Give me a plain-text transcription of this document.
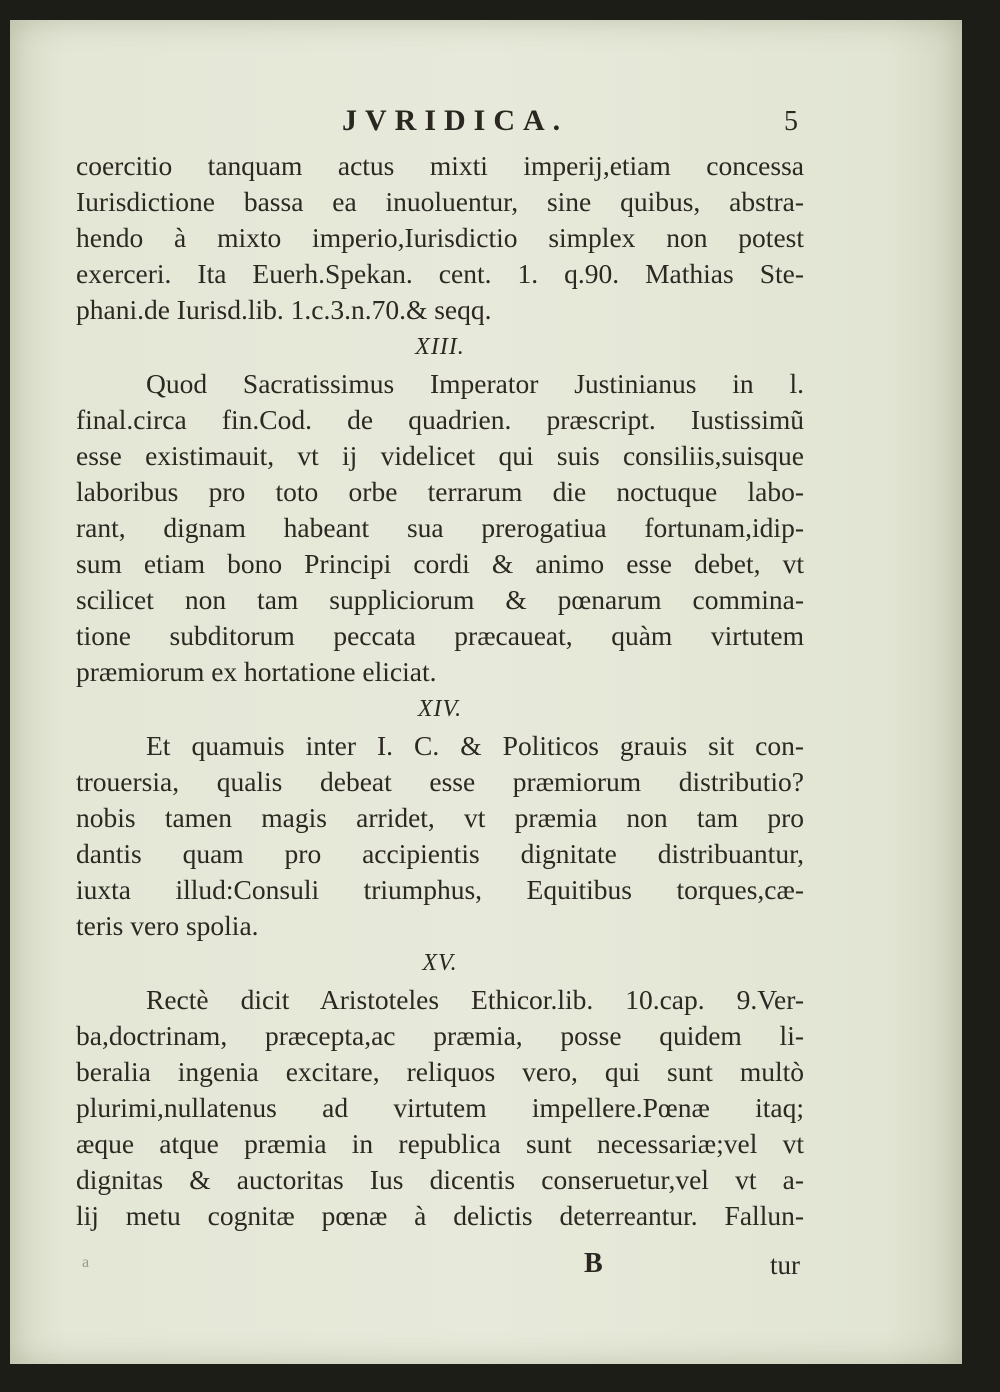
JVRIDICA.	5
coercitio tanquam actus mixti imperij,etiam concessa
Iurisdictione bassa ea inuoluentur, sine quibus, abstra-
hendo à mixto imperio,Iurisdictio simplex non potest
exerceri. Ita Euerh.Spekan. cent. 1. q.90. Mathias Ste-
phani.de Iurisd.lib. 1.c.3.n.70.& seqq.
XIII.
Quod Sacratissimus Imperator Justinianus in l.
final.circa fin.Cod. de quadrien. præscript. Iustissimũ
esse existimauit, vt ij videlicet qui suis consiliis,suisque
laboribus pro toto orbe terrarum die noctuque labo-
rant, dignam habeant sua prerogatiua fortunam,idip-
sum etiam bono Principi cordi & animo esse debet, vt
scilicet non tam suppliciorum & pœnarum commina-
tione subditorum peccata præcaueat, quàm virtutem
præmiorum ex hortatione eliciat.
XIV.
Et quamuis inter I. C. & Politicos grauis sit con-
trouersia, qualis debeat esse præmiorum distributio?
nobis tamen magis arridet, vt præmia non tam pro
dantis quam pro accipientis dignitate distribuantur,
iuxta illud:Consuli triumphus, Equitibus torques,cæ-
teris vero spolia.
XV.
Rectè dicit Aristoteles Ethicor.lib. 10.cap. 9.Ver-
ba,doctrinam, præcepta,ac præmia, posse quidem li-
beralia ingenia excitare, reliquos vero, qui sunt multò
plurimi,nullatenus ad virtutem impellere.Pœnæ itaq;
æque atque præmia in republica sunt necessariæ;vel vt
dignitas & auctoritas Ius dicentis conseruetur,vel vt a-
lij metu cognitæ pœnæ à delictis deterreantur. Fallun-
a	B	tur
